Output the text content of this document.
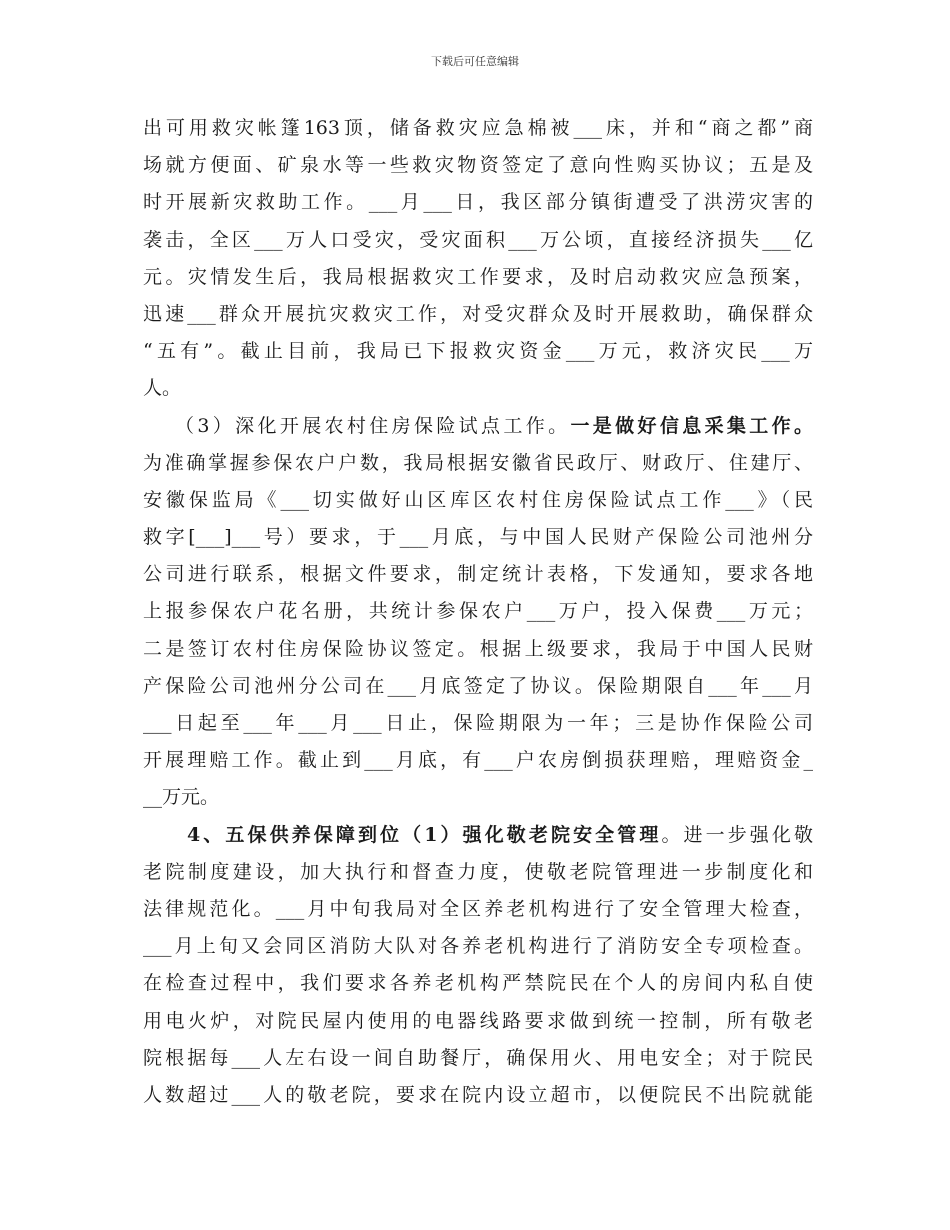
下载后可任意编辑
出可用救灾帐篷163顶，储备救灾应急棉被___床，并和“商之都”商
场就方便面、矿泉水等一些救灾物资签定了意向性购买协议；五是及
时开展新灾救助工作。___月___日，我区部分镇街遭受了洪涝灾害的
袭击，全区___万人口受灾，受灾面积___万公顷，直接经济损失___亿
元。灾情发生后，我局根据救灾工作要求，及时启动救灾应急预案，
迅速___群众开展抗灾救灾工作，对受灾群众及时开展救助，确保群众
“五有”。截止目前，我局已下报救灾资金___万元，救济灾民___万
人。
（3）深化开展农村住房保险试点工作。一是做好信息采集工作。
为准确掌握参保农户户数，我局根据安徽省民政厅、财政厅、住建厅、
安徽保监局《___切实做好山区库区农村住房保险试点工作___》（民
救字[___]___号）要求，于___月底，与中国人民财产保险公司池州分
公司进行联系，根据文件要求，制定统计表格，下发通知，要求各地
上报参保农户花名册，共统计参保农户___万户，投入保费___万元；
二是签订农村住房保险协议签定。根据上级要求，我局于中国人民财
产保险公司池州分公司在___月底签定了协议。保险期限自___年___月
___日起至___年___月___日止，保险期限为一年；三是协作保险公司
开展理赔工作。截止到___月底，有___户农房倒损获理赔，理赔资金_
__万元。
4、五保供养保障到位（1）强化敬老院安全管理。进一步强化敬
老院制度建设，加大执行和督查力度，使敬老院管理进一步制度化和
法律规范化。___月中旬我局对全区养老机构进行了安全管理大检查，
___月上旬又会同区消防大队对各养老机构进行了消防安全专项检查。
在检查过程中，我们要求各养老机构严禁院民在个人的房间内私自使
用电火炉，对院民屋内使用的电器线路要求做到统一控制，所有敬老
院根据每___人左右设一间自助餐厅，确保用火、用电安全；对于院民
人数超过___人的敬老院，要求在院内设立超市，以便院民不出院就能
